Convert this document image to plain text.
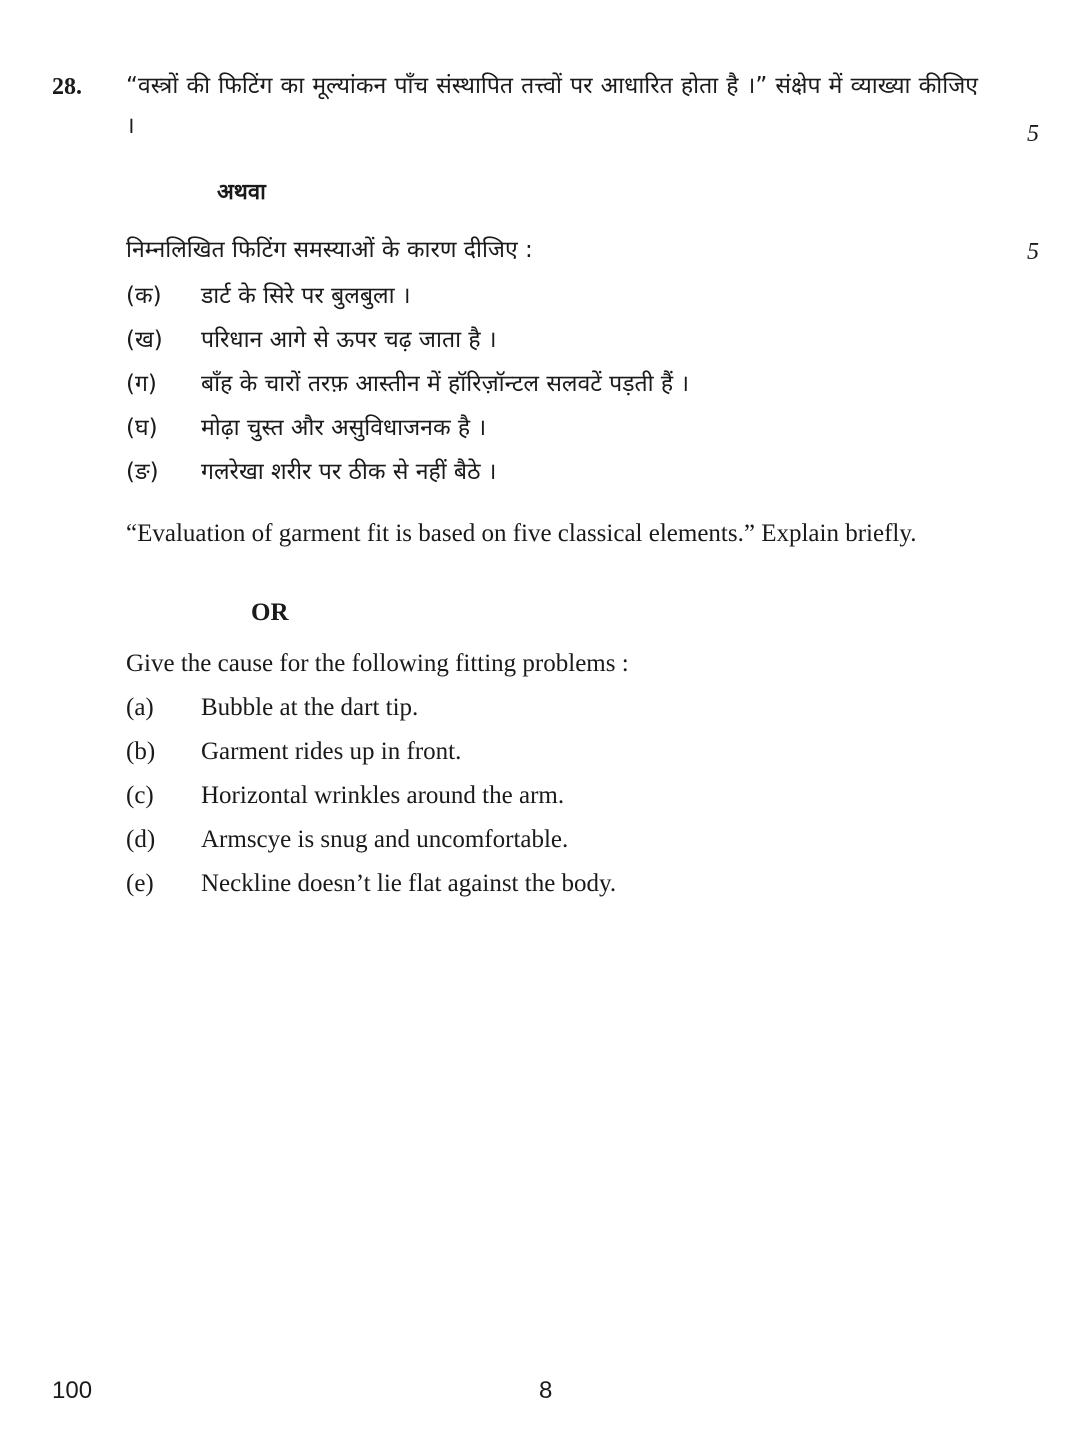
28. “वस्त्रों की फिटिंग का मूल्यांकन पाँच संस्थापित तत्त्वों पर आधारित होता है ।” संक्षेप में व्याख्या कीजिए ।	5
अथवा
निम्नलिखित फिटिंग समस्याओं के कारण दीजिए :	5
(क) डार्ट के सिरे पर बुलबुला ।
(ख) परिधान आगे से ऊपर चढ़ जाता है ।
(ग) बाँह के चारों तरफ़ आस्तीन में हॉरिज़ॉन्टल सलवटें पड़ती हैं ।
(घ) मोढ़ा चुस्त और असुविधाजनक है ।
(ङ) गलरेखा शरीर पर ठीक से नहीं बैठे ।
“Evaluation of garment fit is based on five classical elements.” Explain briefly.
OR
Give the cause for the following fitting problems :
(a) Bubble at the dart tip.
(b) Garment rides up in front.
(c) Horizontal wrinkles around the arm.
(d) Armscye is snug and uncomfortable.
(e) Neckline doesn’t lie flat against the body.
100	8
